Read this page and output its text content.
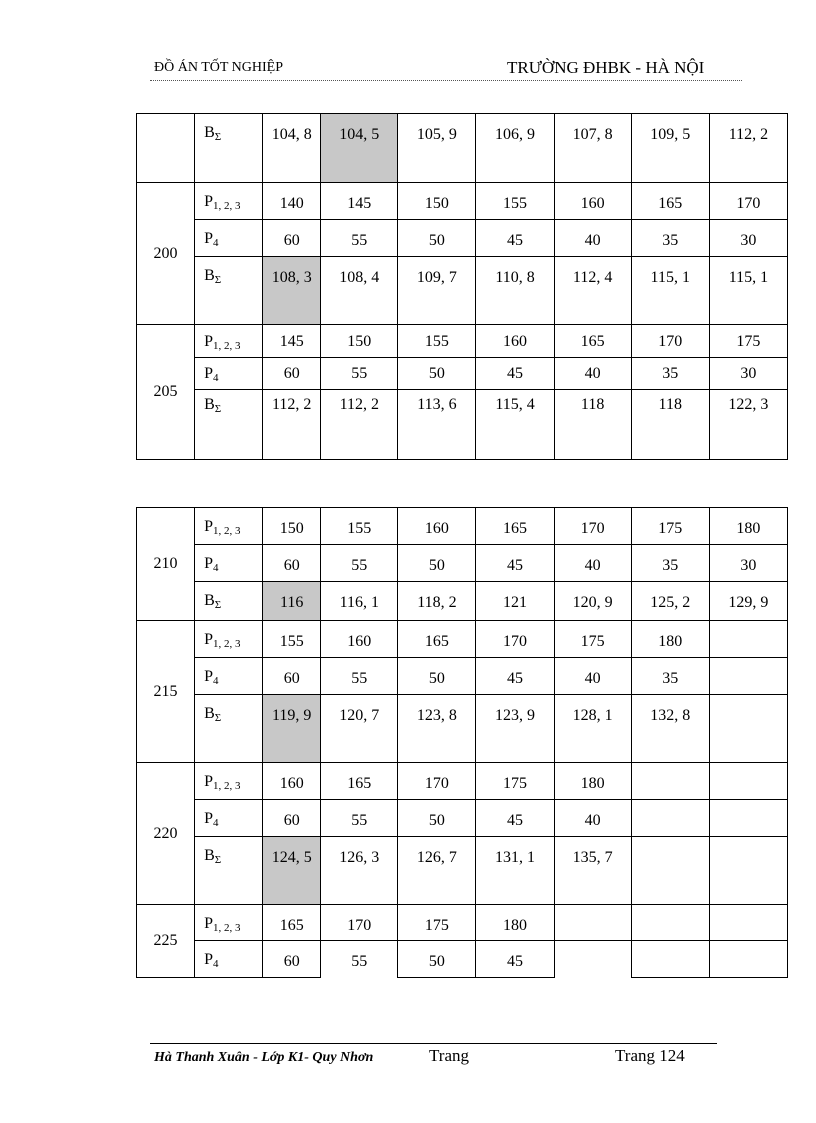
ĐỒ ÁN TỐT NGHIỆP	TRƯỜNG ĐHBK - HÀ NỘI

	$B_\Sigma$	104, 8	104, 5	105, 9	106, 9	107, 8	109, 5	112, 2

200	$P_{1, 2, 3}$	140	145	150	155	160	165	170

	$P_4$	60	55	50	45	40	35	30

	$B_\Sigma$	108, 3	108, 4	109, 7	110, 8	112, 4	115, 1	115, 1

205	$P_{1, 2, 3}$	145	150	155	160	165	170	175

	$P_4$	60	55	50	45	40	35	30

	$B_\Sigma$	112, 2	112, 2	113, 6	115, 4	118	118	122, 3
210	$P_{1, 2, 3}$	150	155	160	165	170	175	180

	$P_4$	60	55	50	45	40	35	30

	$B_\Sigma$	116	116, 1	118, 2	121	120, 9	125, 2	129, 9

215	$P_{1, 2, 3}$	155	160	165	170	175	180	

	$P_4$	60	55	50	45	40	35	

	$B_\Sigma$	119, 9	120, 7	123, 8	123, 9	128, 1	132, 8	

220	$P_{1, 2, 3}$	160	165	170	175	180		

	$P_4$	60	55	50	45	40		

	$B_\Sigma$	124, 5	126, 3	126, 7	131, 1	135, 7		

225	$P_{1, 2, 3}$	165	170	175	180			

	$P_4$	60	55	50	45			

Hà Thanh Xuân - Lớp K1- Quy Nhơn	Trang	Trang 124
